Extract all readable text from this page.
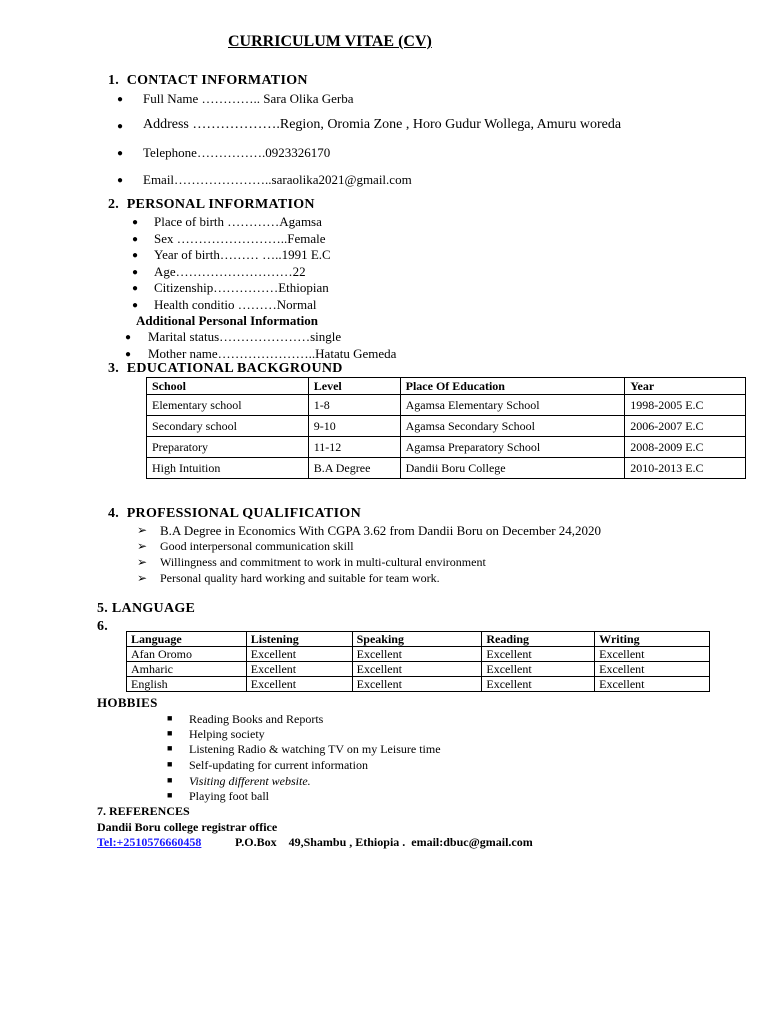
CURRICULUM VITAE (CV)
1.  CONTACT INFORMATION
● Full Name ………….. Sara Olika Gerba
● Address ……………….Region, Oromia Zone , Horo Gudur Wollega, Amuru woreda
● Telephone…………….0923326170
● Email…………………..saraolika2021@gmail.com
2.  PERSONAL INFORMATION
● Place of birth …………Agamsa
● Sex ……………………..Female
● Year of birth……… …..1991 E.C
● Age………………………22
● Citizenship……………Ethiopian
● Health conditio ………Normal
Additional Personal Information
● Marital status…………………single
● Mother name…………………..Hatatu Gemeda
3.  EDUCATIONAL BACKGROUND
School	Level	Place Of Education	Year
Elementary school	1-8	Agamsa Elementary School	1998-2005 E.C
Secondary school	9-10	Agamsa Secondary School	2006-2007 E.C
Preparatory	11-12	Agamsa Preparatory School	2008-2009 E.C
High Intuition	B.A Degree	Dandii Boru College	2010-2013 E.C
4.  PROFESSIONAL QUALIFICATION
➢ B.A Degree in Economics With CGPA 3.62 from Dandii Boru on December 24,2020
➢ Good interpersonal communication skill
➢ Willingness and commitment to work in multi-cultural environment
➢ Personal quality hard working and suitable for team work.
5. LANGUAGE
6.
Language	Listening	Speaking	Reading	Writing
Afan Oromo	Excellent	Excellent	Excellent	Excellent
Amharic	Excellent	Excellent	Excellent	Excellent
English	Excellent	Excellent	Excellent	Excellent
HOBBIES
■ Reading Books and Reports
■ Helping society
■ Listening Radio & watching TV on my Leisure time
■ Self-updating for current information
■ Visiting different website.
■ Playing foot ball
7. REFERENCES
Dandii Boru college registrar office
Tel:+2510576660458	P.O.Box    49,Shambu , Ethiopia .  email:dbuc@gmail.com
